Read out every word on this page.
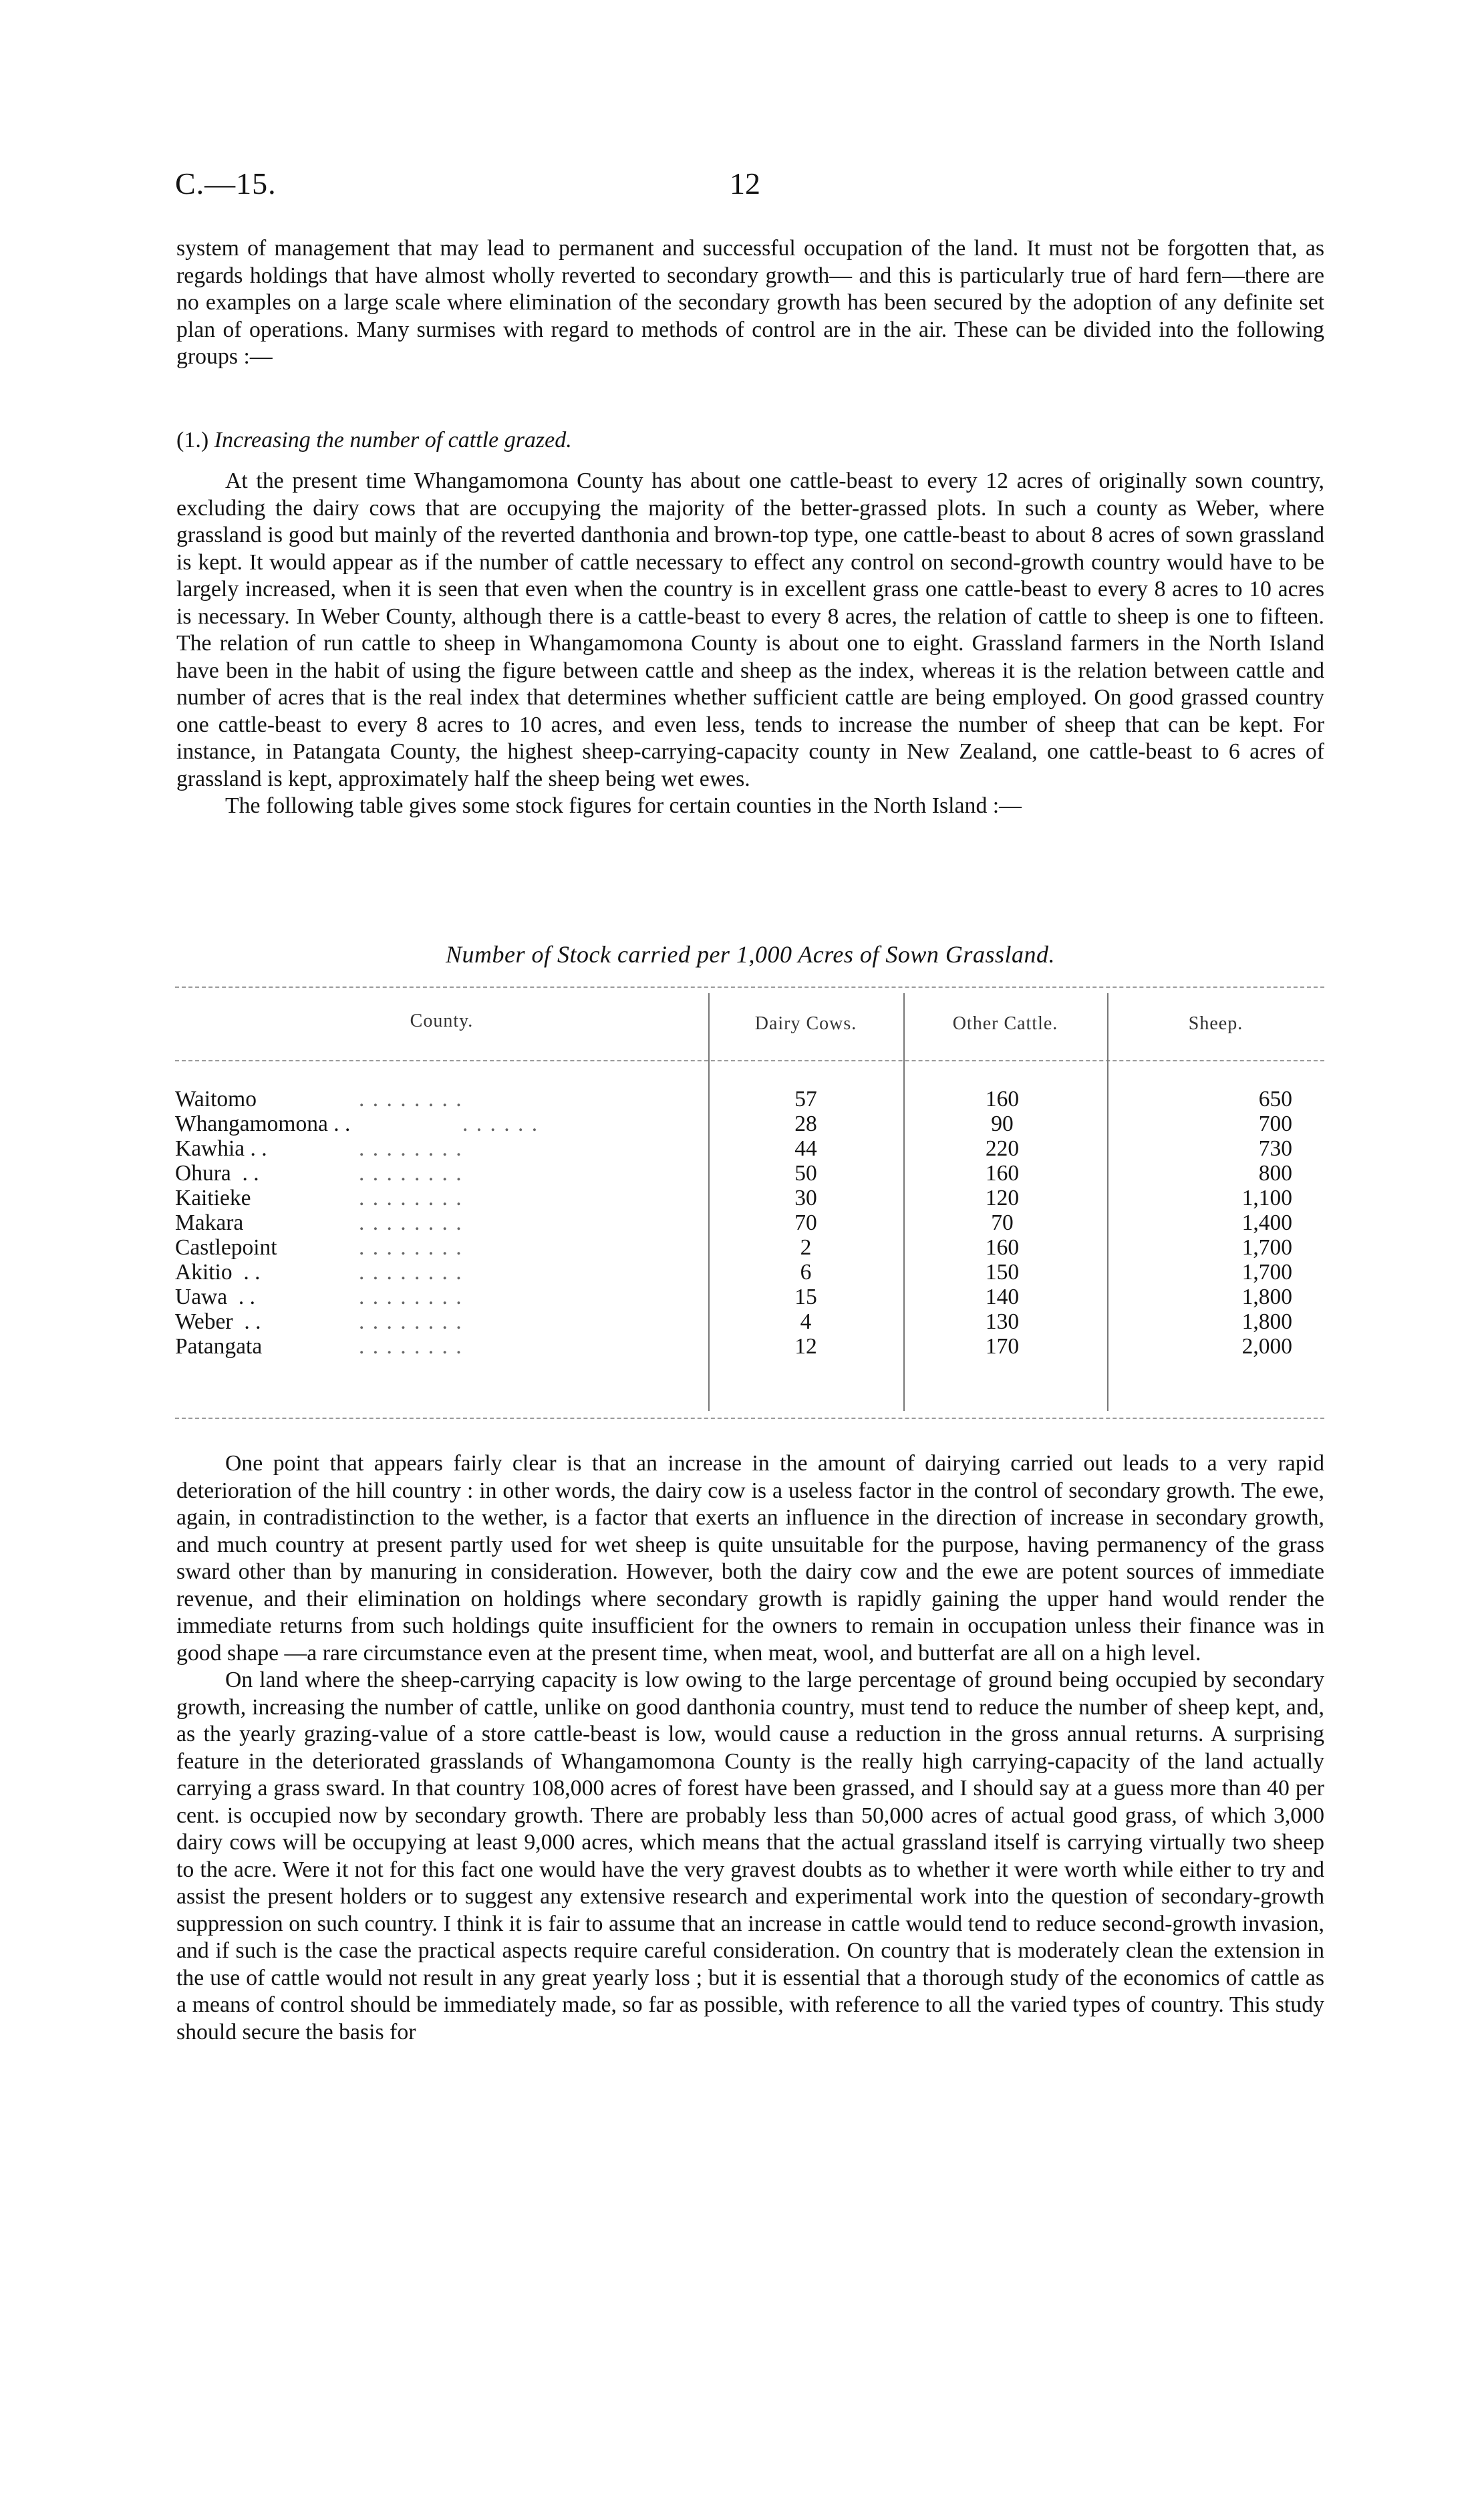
C.—15.	12

system of management that may lead to permanent and successful occupation of the land. It must not be forgotten that, as regards holdings that have almost wholly reverted to secondary growth— and this is particularly true of hard fern—there are no examples on a large scale where elimination of the secondary growth has been secured by the adoption of any definite set plan of operations. Many surmises with regard to methods of control are in the air. These can be divided into the following groups :—

(1.) Increasing the number of cattle grazed.

At the present time Whangamomona County has about one cattle-beast to every 12 acres of originally sown country, excluding the dairy cows that are occupying the majority of the better-grassed plots. In such a county as Weber, where grassland is good but mainly of the reverted danthonia and brown-top type, one cattle-beast to about 8 acres of sown grassland is kept. It would appear as if the number of cattle necessary to effect any control on second-growth country would have to be largely increased, when it is seen that even when the country is in excellent grass one cattle-beast to every 8 acres to 10 acres is necessary. In Weber County, although there is a cattle-beast to every 8 acres, the relation of cattle to sheep is one to fifteen. The relation of run cattle to sheep in Whangamomona County is about one to eight. Grassland farmers in the North Island have been in the habit of using the figure between cattle and sheep as the index, whereas it is the relation between cattle and number of acres that is the real index that determines whether sufficient cattle are being employed. On good grassed country one cattle-beast to every 8 acres to 10 acres, and even less, tends to increase the number of sheep that can be kept. For instance, in Patangata County, the highest sheep-carrying-capacity county in New Zealand, one cattle-beast to 6 acres of grassland is kept, approximately half the sheep being wet ewes.

The following table gives some stock figures for certain counties in the North Island :—

Number of Stock carried per 1,000 Acres of Sown Grassland.
County.	Dairy Cows.	Other Cattle.	Sheep.
Waitomo	. . . . . . . .	57	160	650
Whangamomona . .	. . . . . .	28	90	700
Kawhia . .	. . . . . . . .	44	220	730
Ohura  . .	. . . . . . . .	50	160	800
Kaitieke	. . . . . . . .	30	120	1,100
Makara	. . . . . . . .	70	70	1,400
Castlepoint	. . . . . . . .	2	160	1,700
Akitio  . .	. . . . . . . .	6	150	1,700
Uawa  . .	. . . . . . . .	15	140	1,800
Weber  . .	. . . . . . . .	4	130	1,800
Patangata	. . . . . . . .	12	170	2,000

One point that appears fairly clear is that an increase in the amount of dairying carried out leads to a very rapid deterioration of the hill country : in other words, the dairy cow is a useless factor in the control of secondary growth. The ewe, again, in contradistinction to the wether, is a factor that exerts an influence in the direction of increase in secondary growth, and much country at present partly used for wet sheep is quite unsuitable for the purpose, having permanency of the grass sward other than by manuring in consideration. However, both the dairy cow and the ewe are potent sources of immediate revenue, and their elimination on holdings where secondary growth is rapidly gaining the upper hand would render the immediate returns from such holdings quite insufficient for the owners to remain in occupation unless their finance was in good shape —a rare circumstance even at the present time, when meat, wool, and butterfat are all on a high level.

On land where the sheep-carrying capacity is low owing to the large percentage of ground being occupied by secondary growth, increasing the number of cattle, unlike on good danthonia country, must tend to reduce the number of sheep kept, and, as the yearly grazing-value of a store cattle-beast is low, would cause a reduction in the gross annual returns. A surprising feature in the deteriorated grasslands of Whangamomona County is the really high carrying-capacity of the land actually carrying a grass sward. In that country 108,000 acres of forest have been grassed, and I should say at a guess more than 40 per cent. is occupied now by secondary growth. There are probably less than 50,000 acres of actual good grass, of which 3,000 dairy cows will be occupying at least 9,000 acres, which means that the actual grassland itself is carrying virtually two sheep to the acre. Were it not for this fact one would have the very gravest doubts as to whether it were worth while either to try and assist the present holders or to suggest any extensive research and experimental work into the question of secondary-growth suppression on such country. I think it is fair to assume that an increase in cattle would tend to reduce second-growth invasion, and if such is the case the practical aspects require careful consideration. On country that is moderately clean the extension in the use of cattle would not result in any great yearly loss ; but it is essential that a thorough study of the economics of cattle as a means of control should be immediately made, so far as possible, with reference to all the varied types of country. This study should secure the basis for
